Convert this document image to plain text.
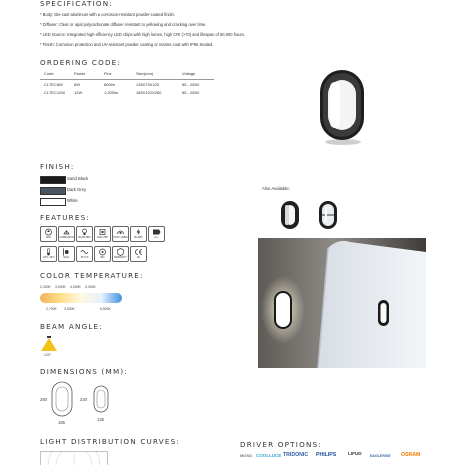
SPECIFICATION:
* Body: Die-cast aluminum with a corrosion-resistant powder-coated finish.
* Diffuser: Clear or opal polycarbonate diffuser resistant to yellowing and cracking over time.
* LED Source: Integrated high-efficiency LED chips with high lumen, high CRI (>70) and lifespan of 50,000 hours.
* Finish: Corrosion protection and UV-resistant powder coating or marine coat with IP66 Sealed.
ORDERING CODE:
Code	Power	Flux	Size(mm)	Voltage
CLTEC6W	6W	600lm	135X70X220	85 - 265V
CLTEC12W	12W	1,200lm	185X102X280	85 - 265V
FINISH:
Sand Black
Dark Grey
White
Also Available:
FEATURES:
IP66	CORROSION 50,000 HRS	LED CHIP HIGH LUMEN	85-265V	A++
-20°C~45°C	WALL	PF>0.9	360°	WARRANTY	CE
COLOR TEMPERATURE:
2,200K 3,000K 4,000K 5,000K
2,700K 3,500K	6,500K
BEAM ANGLE:
120°
DIMENSIONS (MM):
280
185
220
135
LIGHT DISTRIBUTION CURVES:	DRIVER OPTIONS:
MOSO COOLLUCE TRIDONIC PHILIPS	LIFUD EAGLERISE OSRAM
